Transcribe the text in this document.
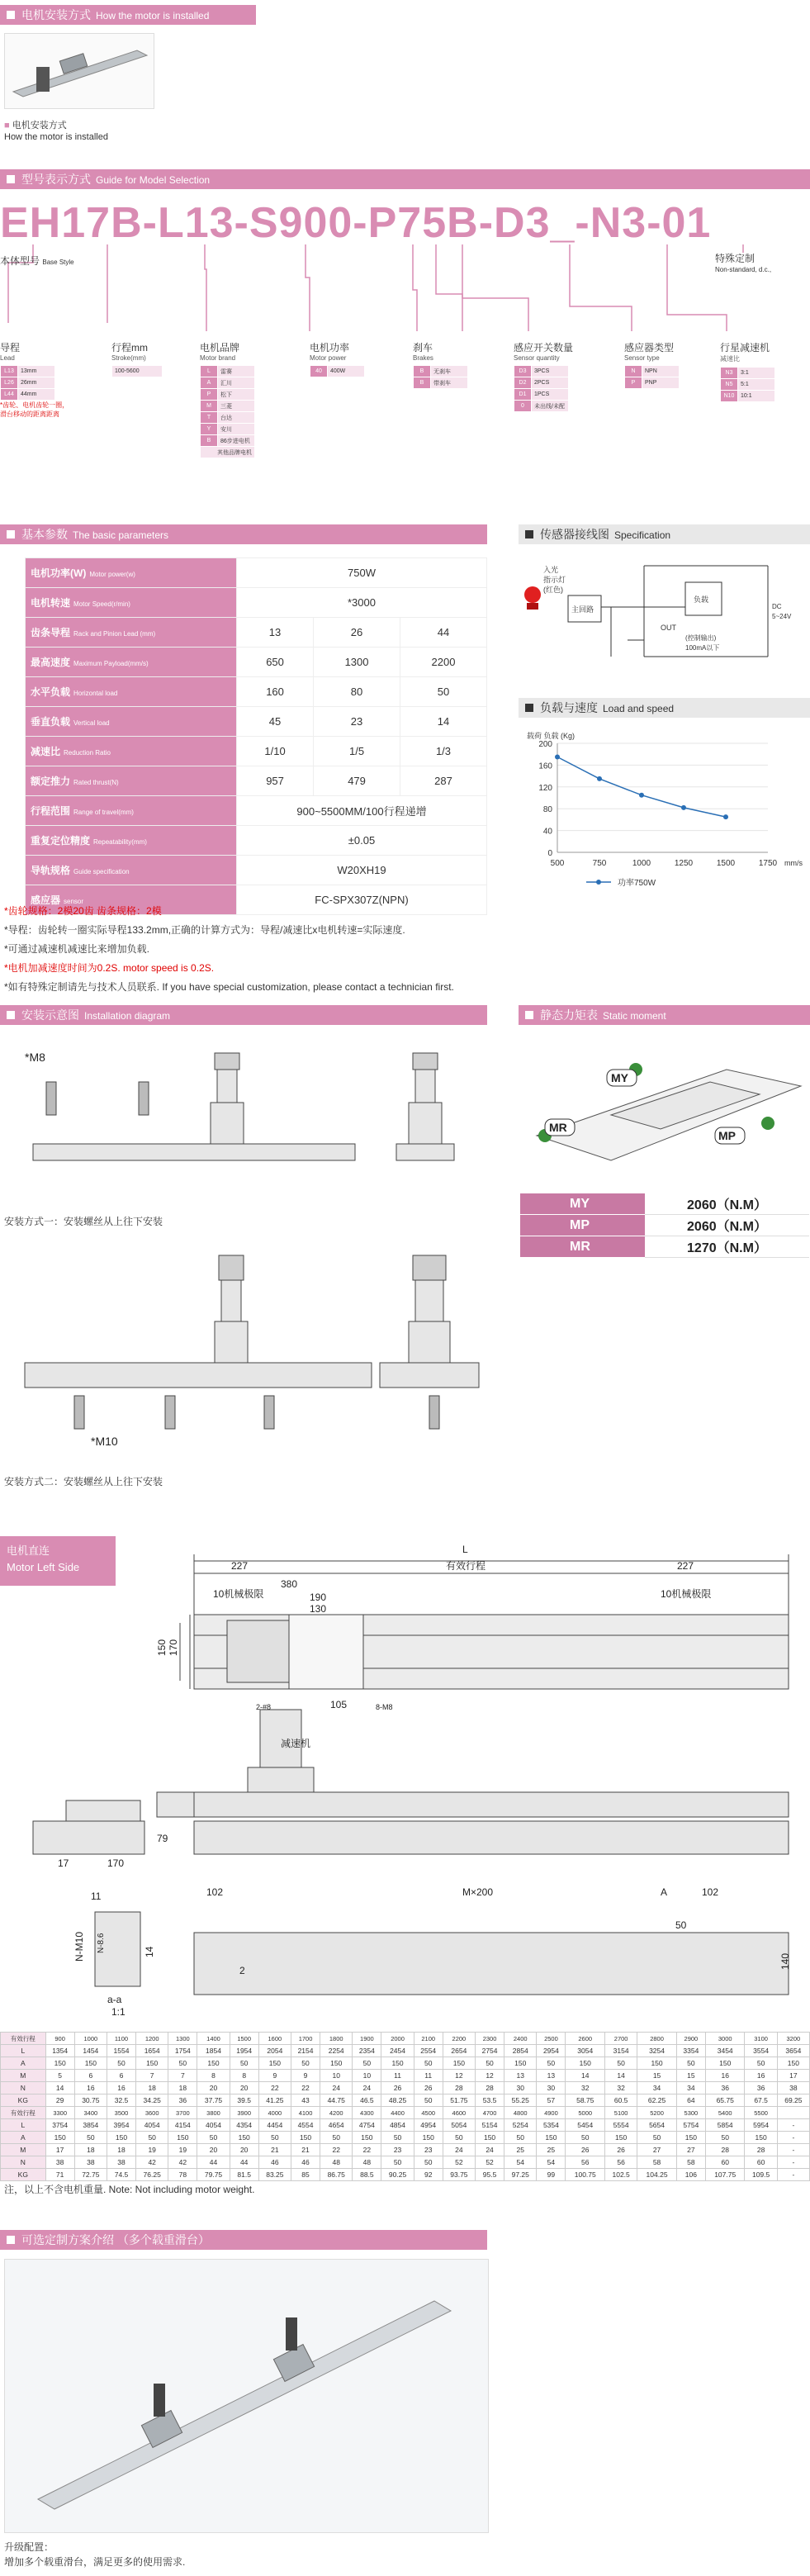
电机安装方式 How the motor is installed
■ 电机安装方式
How the motor is installed
型号表示方式 Guide for Model Selection
EH17B-L13-S900-P75B-D3_-N3-01
本体型号 Base Style	特殊定制
Non-standard, d.c.,
导程
Lead
L13	13mm
L26	26mm
L44	44mm
*齿轮、电机齿轮一圈，
滑台移动的距离距离
行程mm
Stroke(mm)
100-5600
电机品牌
Motor brand
L	雷赛
A	汇川
P	松下
M	三菱
T	台达
Y	安川
B	86步进电机
其他品牌电机	
电机功率
Motor power
40	400W
刹车
Brakes
B	无刹车
B	带刹车
感应开关数量
Sensor quantity
D3	3PCS
D2	2PCS
D1	1PCS
0	未出线/未配
感应器类型
Sensor type
N	NPN
P	PNP
行星减速机
减速比
N3	3:1
N5	5:1
N10	10:1
基本参数 The basic parameters	传感器接线图 Specification
电机功率(W) Motor power(w)	750W		
电机转速 Motor Speed(r/min)	*3000		
齿条导程 Rack and Pinion Lead (mm)	13	26	44
最高速度 Maximum Payload(mm/s)	650	1300	2200
水平负载 Horizontal load	160	80	50
垂直负载 Vertical load	45	23	14
减速比 Reduction Ratio	1/10	1/5	1/3
额定推力 Rated thrust(N)	957	479	287
行程范围 Range of travel(mm)	900~5500MM/100行程递增		
重复定位精度 Repeatability(mm)	±0.05		
导轨规格 Guide specification	W20XH19		
感应器 sensor	FC-SPX307Z(NPN)		
入光
指示灯
(红色)
主回路
负载
OUT
(控制输出)
100mA以下
DC
5~24V
负载与速度 Load and speed
0
40
80
120
160
200
500	750	1000	1250	1500	1750
载荷 负载 (Kg)
mm/s
功率750W
*齿轮规格：2模20齿 齿条规格：2模
*导程：齿轮转一圈实际导程133.2mm,正确的计算方式为：导程/减速比x电机转速=实际速度.
*可通过减速机减速比来增加负载.
*电机加减速度时间为0.2S. motor speed is 0.2S.
*如有特殊定制请先与技术人员联系. If you have special customization, please contact a technician first.
安装示意图 Installation diagram	静态力矩表 Static moment
*M8
安装方式一：安装螺丝从上往下安装
*M10
安装方式二：安装螺丝从上往下安装
MY
MR
MP
MY	2060（N.M）
MP	2060（N.M）
MR	1270（N.M）
电机直连
Motor Left Side
L
227	有效行程	227
380
190
130
10机械极限	10机械极限
150 170
105
2-#8	8-M8
减速机
79
17	170
11
N-M10 N-8.6	14
a-a
1:1
102	M×200	A	102
50
2
140
有效行程	900	1000	1100	1200	1300	1400	1500	1600	1700	1800	1900	2000	2100	2200	2300	2400	2500	2600	2700	2800	2900	3000	3100	3200
L	1354	1454	1554	1654	1754	1854	1954	2054	2154	2254	2354	2454	2554	2654	2754	2854	2954	3054	3154	3254	3354	3454	3554	3654
A	150	150	50	150	50	150	50	150	50	150	50	150	50	150	50	150	50	150	50	150	50	150	50	150
M	5	6	6	7	7	8	8	9	9	10	10	11	11	12	12	13	13	14	14	15	15	16	16	17
N	14	16	16	18	18	20	20	22	22	24	24	26	26	28	28	30	30	32	32	34	34	36	36	38
KG	29	30.75	32.5	34.25	36	37.75	39.5	41.25	43	44.75	46.5	48.25	50	51.75	53.5	55.25	57	58.75	60.5	62.25	64	65.75	67.5	69.25
有效行程	3300	3400	3500	3600	3700	3800	3900	4000	4100	4200	4300	4400	4500	4600	4700	4800	4900	5000	5100	5200	5300	5400	5500	
L	3754	3854	3954	4054	4154	4054	4354	4454	4554	4654	4754	4854	4954	5054	5154	5254	5354	5454	5554	5654	5754	5854	5954	-
A	150	50	150	50	150	50	150	50	150	50	150	50	150	50	150	50	150	50	150	50	150	50	150	-
M	17	18	18	19	19	20	20	21	21	22	22	23	23	24	24	25	25	26	26	27	27	28	28	-
N	38	38	38	42	42	44	44	46	46	48	48	50	50	52	52	54	54	56	56	58	58	60	60	-
KG	71	72.75	74.5	76.25	78	79.75	81.5	83.25	85	86.75	88.5	90.25	92	93.75	95.5	97.25	99	100.75	102.5	104.25	106	107.75	109.5	-
注，以上不含电机重量. Note: Not including motor weight.
可选定制方案介绍 （多个载重滑台）
升级配置：
增加多个载重滑台，满足更多的使用需求.
